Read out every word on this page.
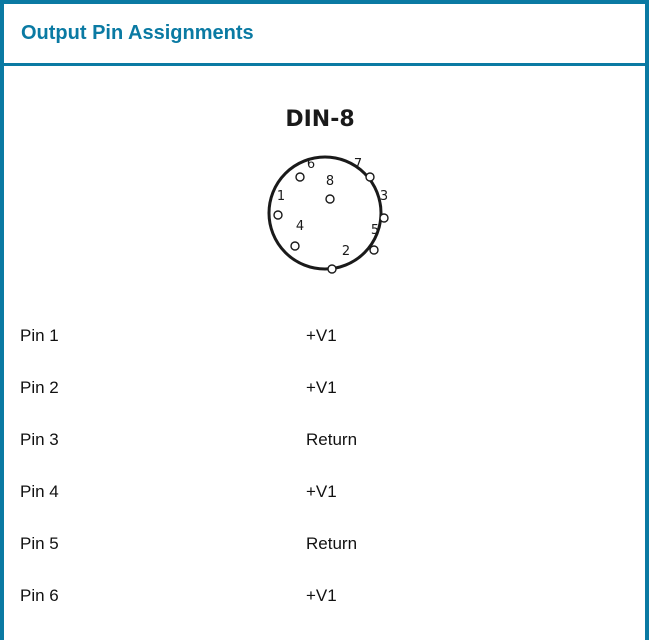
Output Pin Assignments
DIN-8
1
2
3
4	5
6	7
8
Pin 1	+V1
Pin 2	+V1
Pin 3	Return
Pin 4	+V1
Pin 5	Return
Pin 6	+V1
